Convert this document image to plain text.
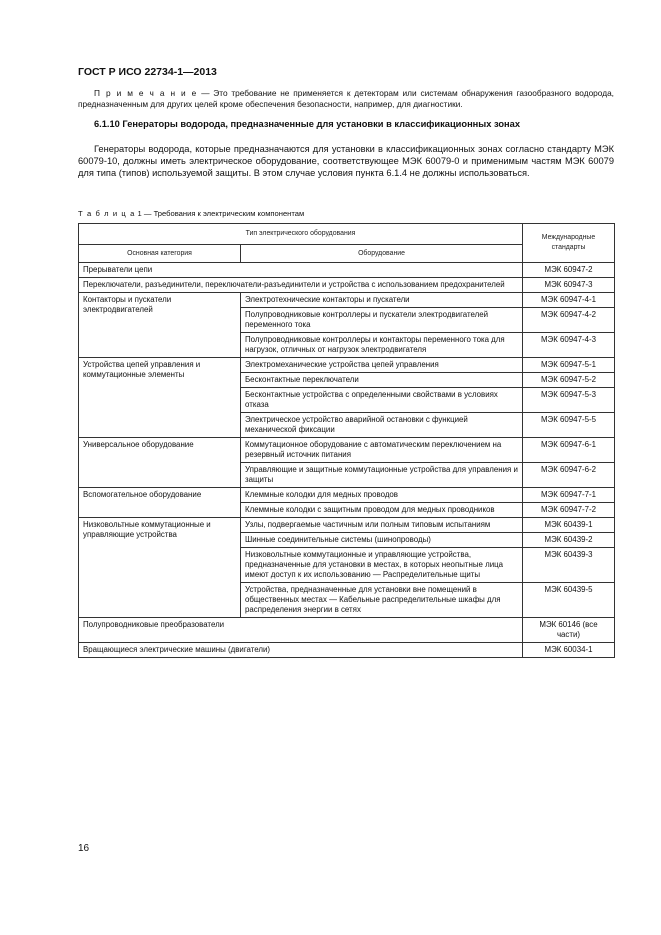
ГОСТ Р ИСО 22734-1—2013
П р и м е ч а н и е — Это требование не применяется к детекторам или системам обнаружения газообразного водорода, предназначенным для других целей кроме обеспечения безопасности, например, для диагностики.
6.1.10 Генераторы водорода, предназначенные для установки в классификационных зонах
Генераторы водорода, которые предназначаются для установки в классификационных зонах согласно стандарту МЭК 60079-10, должны иметь электрическое оборудование, соответствующее МЭК 60079-0 и применимым частям МЭК 60079 для типа (типов) используемой защиты. В этом случае условия пункта 6.1.4 не должны использоваться.
Т а б л и ц а 1 — Требования к электрическим компонентам
Тип электрического оборудования		Международные стандарты
Основная категория	Оборудование	
Прерыватели цепи		МЭК 60947-2
Переключатели, разъединители, переключатели-разъединители и устройства с использованием предохранителей		МЭК 60947-3
Контакторы и пускатели электродвигателей	Электротехнические контакторы и пускатели	МЭК 60947-4-1
	Полупроводниковые контроллеры и пускатели электродвигателей переменного тока	МЭК 60947-4-2
	Полупроводниковые контроллеры и контакторы переменного тока для нагрузок, отличных от нагрузок электродвигателя	МЭК 60947-4-3
Устройства цепей управления и коммутационные элементы	Электромеханические устройства цепей управления	МЭК 60947-5-1
	Бесконтактные переключатели	МЭК 60947-5-2
	Бесконтактные устройства с определенными свойствами в условиях отказа	МЭК 60947-5-3
	Электрическое устройство аварийной остановки с функцией механической фиксации	МЭК 60947-5-5
Универсальное оборудование	Коммутационное оборудование с автоматическим переключением на резервный источник питания	МЭК 60947-6-1
	Управляющие и защитные коммутационные устройства для управления и защиты	МЭК 60947-6-2
Вспомогательное оборудование	Клеммные колодки для медных проводов	МЭК 60947-7-1
	Клеммные колодки с защитным проводом для медных проводников	МЭК 60947-7-2
Низковольтные коммутационные и управляющие устройства	Узлы, подвергаемые частичным или полным типовым испытаниям	МЭК 60439-1
	Шинные соединительные системы (шинопроводы)	МЭК 60439-2
	Низковольтные коммутационные и управляющие устройства, предназначенные для установки в местах, в которых неопытные лица имеют доступ к их использованию — Распределительные щиты	МЭК 60439-3
	Устройства, предназначенные для установки вне помещений в общественных местах — Кабельные распределительные шкафы для распределения энергии в сетях	МЭК 60439-5
Полупроводниковые преобразователи		МЭК 60146 (все части)
Вращающиеся электрические машины (двигатели)		МЭК 60034-1
16
